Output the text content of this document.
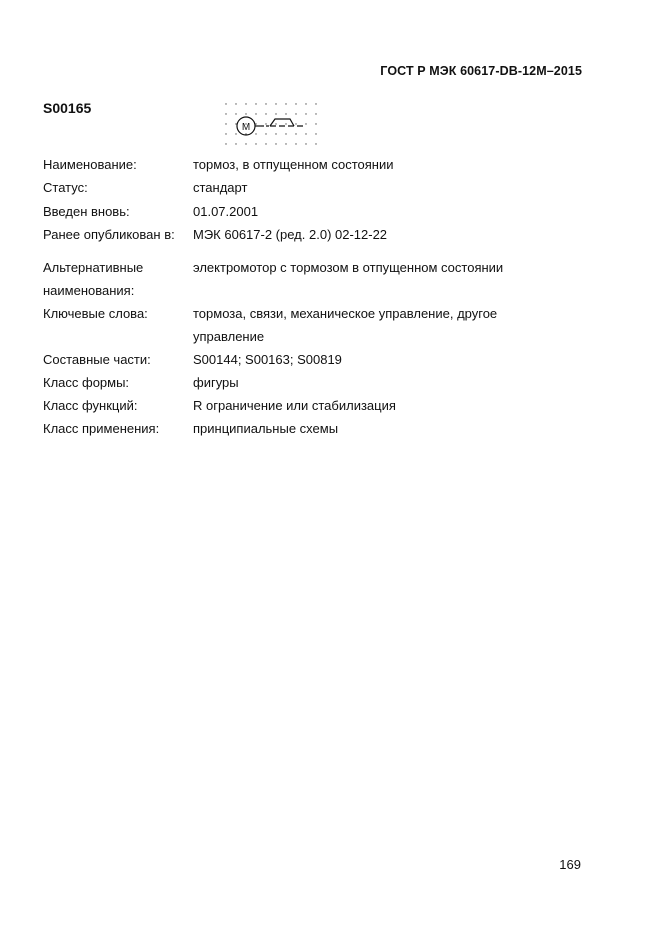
ГОСТ Р МЭК 60617-DB-12М–2015
S00165
M
Наименование:	тормоз, в отпущенном состоянии
Статус:	стандарт
Введен вновь:	01.07.2001
Ранее опубликован в: МЭК 60617-2 (ред. 2.0) 02-12-22
Альтернативные
наименования:
электромотор с тормозом в отпущенном состоянии
Ключевые слова:	тормоза, связи, механическое управление, другое
управление
Составные части:	S00144; S00163; S00819
Класс формы:	фигуры
Класс функций:	R ограничение или стабилизация
Класс применения:	принципиальные схемы
169
